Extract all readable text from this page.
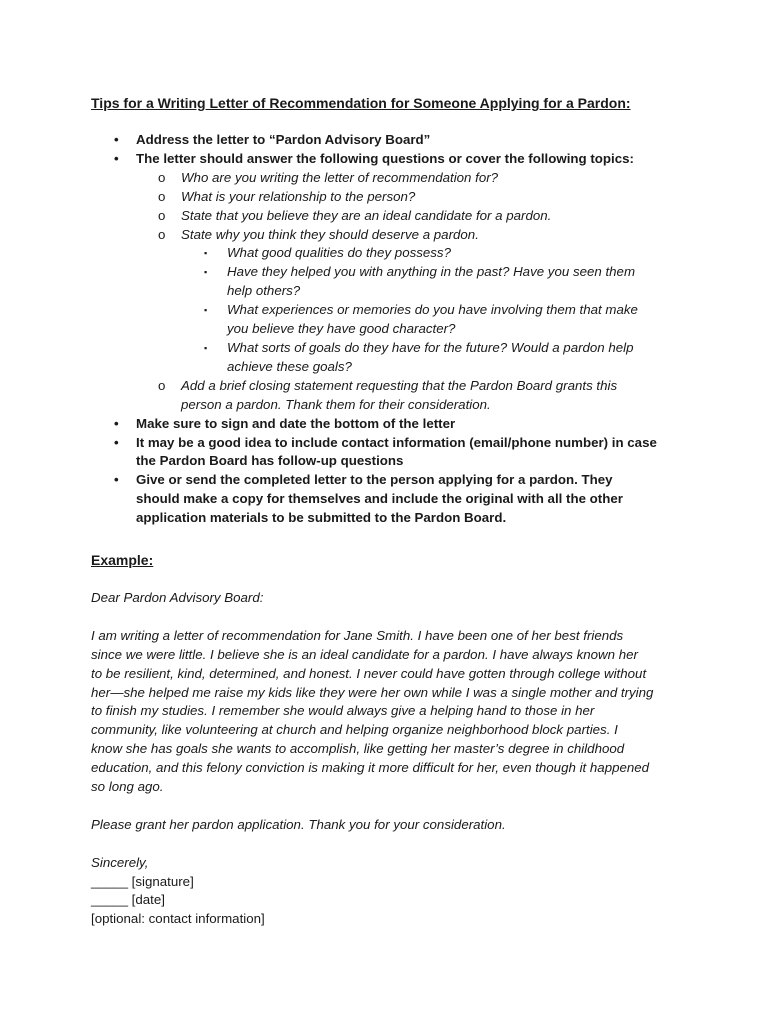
Tips for a Writing Letter of Recommendation for Someone Applying for a Pardon:
• Address the letter to “Pardon Advisory Board”
• The letter should answer the following questions or cover the following topics:
o Who are you writing the letter of recommendation for?
o What is your relationship to the person?
o State that you believe they are an ideal candidate for a pardon.
o State why you think they should deserve a pardon.
▪ What good qualities do they possess?
▪ Have they helped you with anything in the past? Have you seen them
help others?
▪ What experiences or memories do you have involving them that make
you believe they have good character?
▪ What sorts of goals do they have for the future? Would a pardon help
achieve these goals?
o Add a brief closing statement requesting that the Pardon Board grants this
person a pardon. Thank them for their consideration.
• Make sure to sign and date the bottom of the letter
• It may be a good idea to include contact information (email/phone number) in case
the Pardon Board has follow-up questions
• Give or send the completed letter to the person applying for a pardon. They
should make a copy for themselves and include the original with all the other
application materials to be submitted to the Pardon Board.
Example:

Dear Pardon Advisory Board:

I am writing a letter of recommendation for Jane Smith. I have been one of her best friends
since we were little. I believe she is an ideal candidate for a pardon. I have always known her
to be resilient, kind, determined, and honest. I never could have gotten through college without
her—she helped me raise my kids like they were her own while I was a single mother and trying
to finish my studies. I remember she would always give a helping hand to those in her
community, like volunteering at church and helping organize neighborhood block parties. I
know she has goals she wants to accomplish, like getting her master’s degree in childhood
education, and this felony conviction is making it more difficult for her, even though it happened
so long ago.

Please grant her pardon application. Thank you for your consideration.

Sincerely,

_____ [signature]

_____ [date]

[optional: contact information]
